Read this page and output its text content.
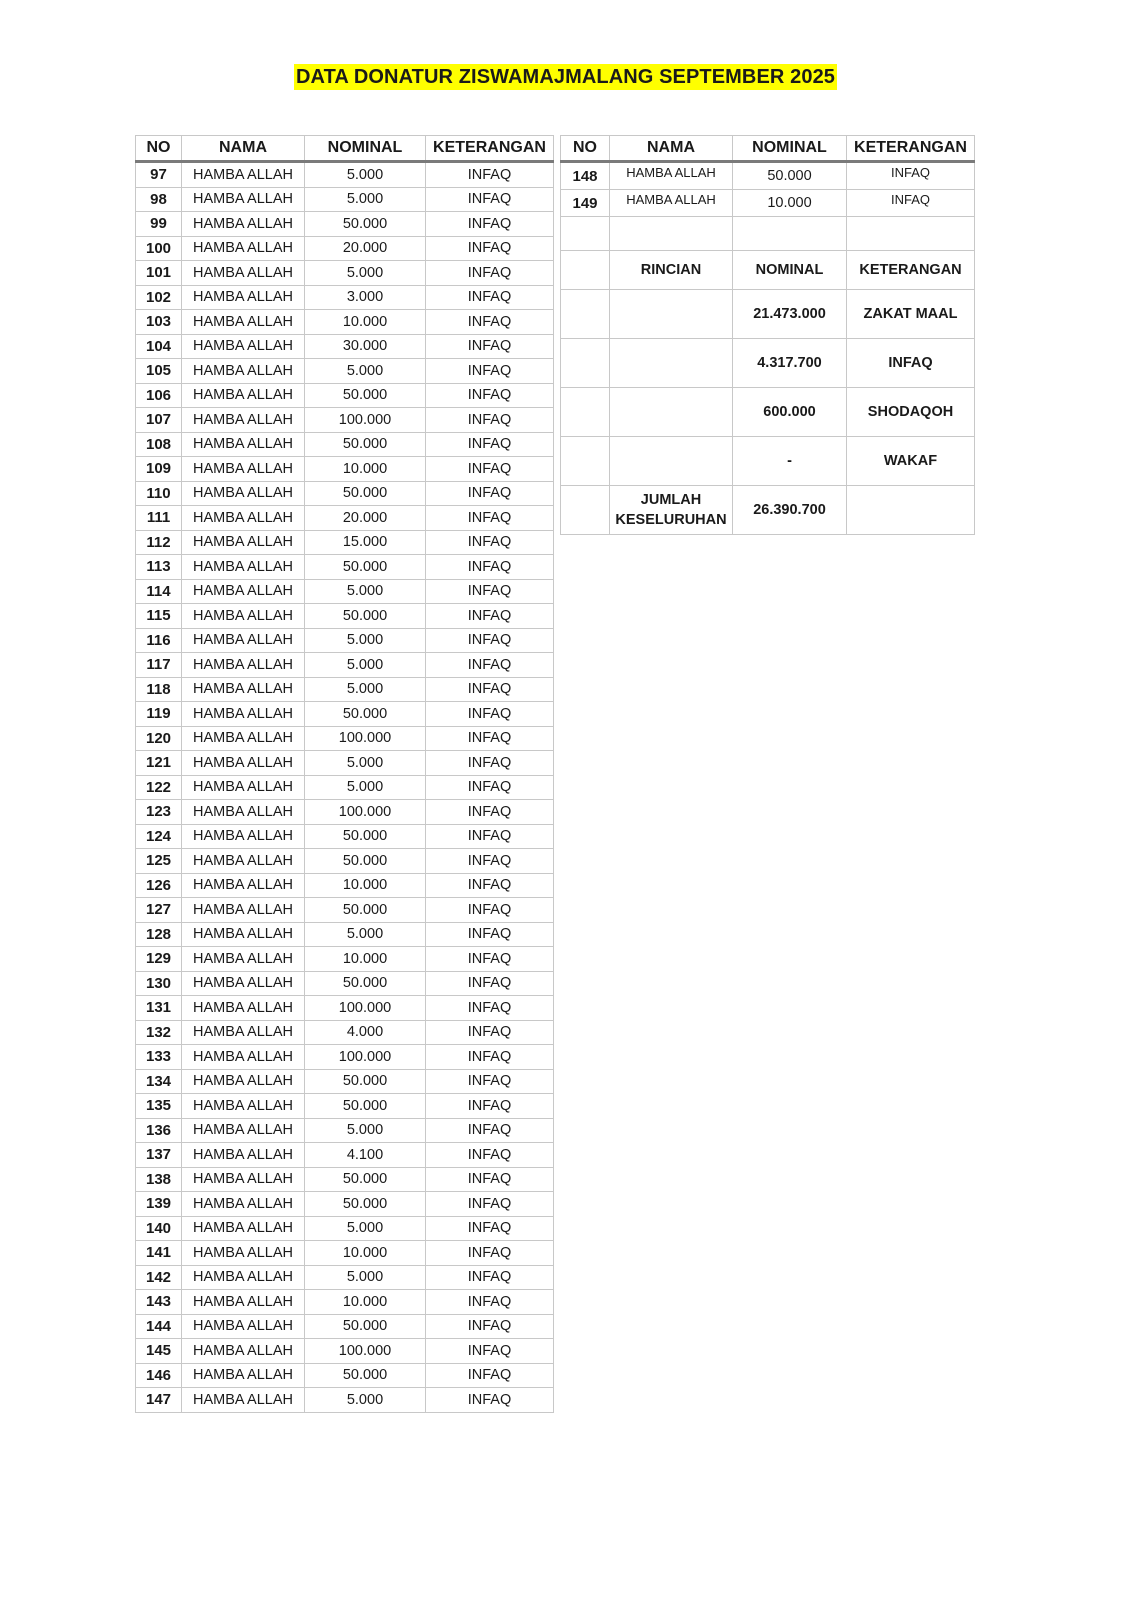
DATA DONATUR ZISWAMAJMALANG SEPTEMBER 2025
NO	NAMA	NOMINAL	KETERANGAN
97	HAMBA ALLAH	5.000	INFAQ
98	HAMBA ALLAH	5.000	INFAQ
99	HAMBA ALLAH	50.000	INFAQ
100	HAMBA ALLAH	20.000	INFAQ
101	HAMBA ALLAH	5.000	INFAQ
102	HAMBA ALLAH	3.000	INFAQ
103	HAMBA ALLAH	10.000	INFAQ
104	HAMBA ALLAH	30.000	INFAQ
105	HAMBA ALLAH	5.000	INFAQ
106	HAMBA ALLAH	50.000	INFAQ
107	HAMBA ALLAH	100.000	INFAQ
108	HAMBA ALLAH	50.000	INFAQ
109	HAMBA ALLAH	10.000	INFAQ
110	HAMBA ALLAH	50.000	INFAQ
111	HAMBA ALLAH	20.000	INFAQ
112	HAMBA ALLAH	15.000	INFAQ
113	HAMBA ALLAH	50.000	INFAQ
114	HAMBA ALLAH	5.000	INFAQ
115	HAMBA ALLAH	50.000	INFAQ
116	HAMBA ALLAH	5.000	INFAQ
117	HAMBA ALLAH	5.000	INFAQ
118	HAMBA ALLAH	5.000	INFAQ
119	HAMBA ALLAH	50.000	INFAQ
120	HAMBA ALLAH	100.000	INFAQ
121	HAMBA ALLAH	5.000	INFAQ
122	HAMBA ALLAH	5.000	INFAQ
123	HAMBA ALLAH	100.000	INFAQ
124	HAMBA ALLAH	50.000	INFAQ
125	HAMBA ALLAH	50.000	INFAQ
126	HAMBA ALLAH	10.000	INFAQ
127	HAMBA ALLAH	50.000	INFAQ
128	HAMBA ALLAH	5.000	INFAQ
129	HAMBA ALLAH	10.000	INFAQ
130	HAMBA ALLAH	50.000	INFAQ
131	HAMBA ALLAH	100.000	INFAQ
132	HAMBA ALLAH	4.000	INFAQ
133	HAMBA ALLAH	100.000	INFAQ
134	HAMBA ALLAH	50.000	INFAQ
135	HAMBA ALLAH	50.000	INFAQ
136	HAMBA ALLAH	5.000	INFAQ
137	HAMBA ALLAH	4.100	INFAQ
138	HAMBA ALLAH	50.000	INFAQ
139	HAMBA ALLAH	50.000	INFAQ
140	HAMBA ALLAH	5.000	INFAQ
141	HAMBA ALLAH	10.000	INFAQ
142	HAMBA ALLAH	5.000	INFAQ
143	HAMBA ALLAH	10.000	INFAQ
144	HAMBA ALLAH	50.000	INFAQ
145	HAMBA ALLAH	100.000	INFAQ
146	HAMBA ALLAH	50.000	INFAQ
147	HAMBA ALLAH	5.000	INFAQ
NO	NAMA	NOMINAL	KETERANGAN
148	HAMBA ALLAH	50.000	INFAQ
149	HAMBA ALLAH	10.000	INFAQ

	RINCIAN	NOMINAL	KETERANGAN
		21.473.000	ZAKAT MAAL
		4.317.700	INFAQ
		600.000	SHODAQOH
		-	WAKAF
	JUMLAH KESELURUHAN	26.390.700	
